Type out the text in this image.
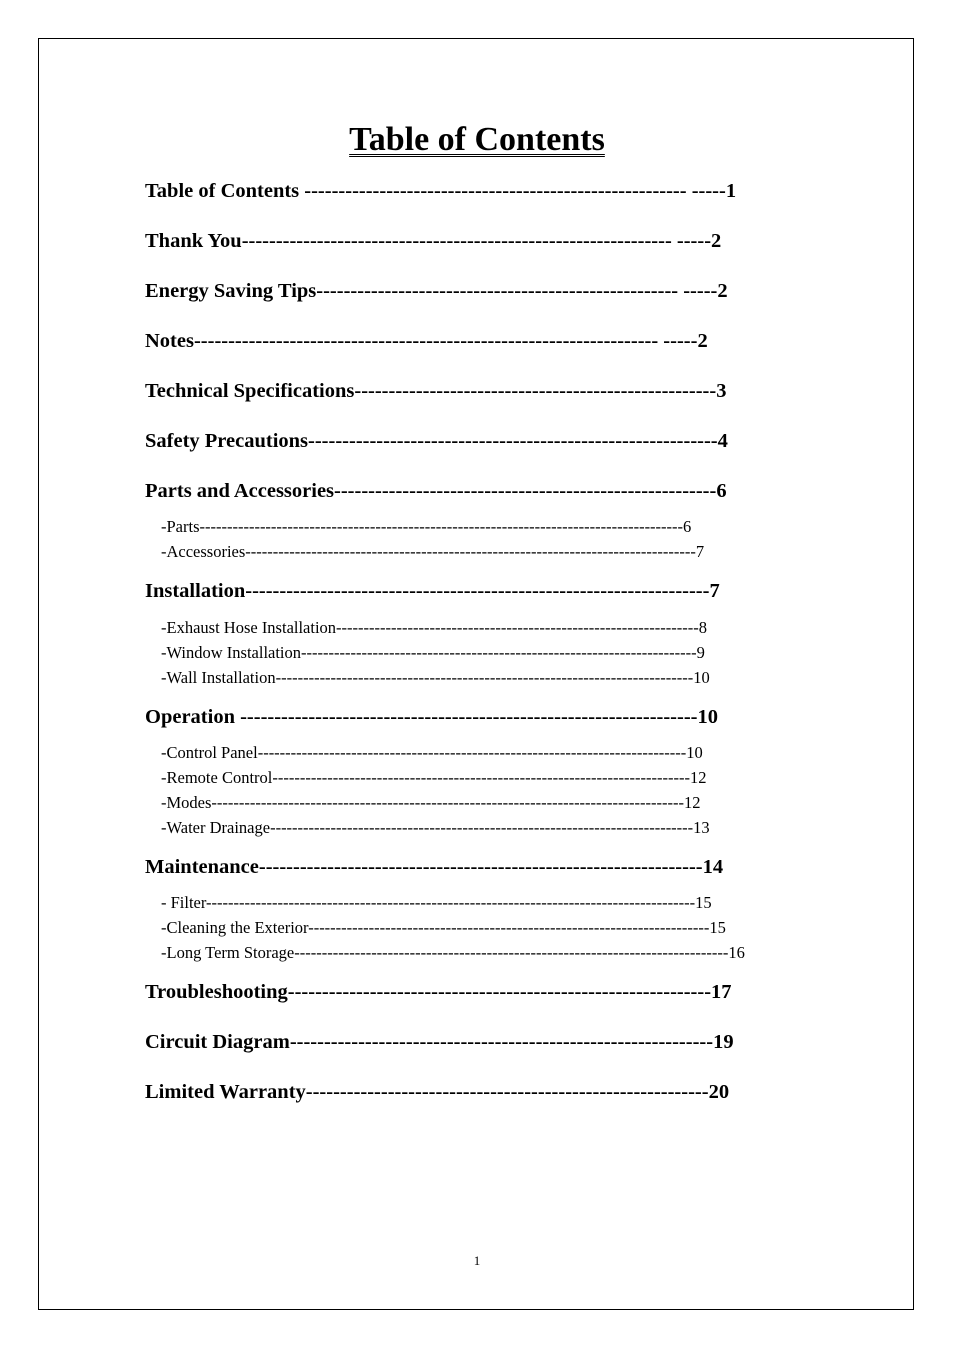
Table of Contents
Table of Contents -------------------------------------------------------- -----1
Thank You--------------------------------------------------------------- -----2
Energy Saving Tips----------------------------------------------------- -----2
Notes-------------------------------------------------------------------- -----2
Technical Specifications-----------------------------------------------------3
Safety Precautions------------------------------------------------------------4
Parts and Accessories--------------------------------------------------------6
-Parts----------------------------------------------------------------------------------------6
-Accessories----------------------------------------------------------------------------------7
Installation--------------------------------------------------------------------7
-Exhaust Hose Installation------------------------------------------------------------------8
-Window Installation------------------------------------------------------------------------9
-Wall Installation----------------------------------------------------------------------------10
Operation -------------------------------------------------------------------10
-Control Panel------------------------------------------------------------------------------10
-Remote Control----------------------------------------------------------------------------12
-Modes--------------------------------------------------------------------------------------12
-Water Drainage-----------------------------------------------------------------------------13
Maintenance-----------------------------------------------------------------14
- Filter-----------------------------------------------------------------------------------------15
-Cleaning the Exterior-------------------------------------------------------------------------15
-Long Term Storage-------------------------------------------------------------------------------16
Troubleshooting--------------------------------------------------------------17
Circuit Diagram--------------------------------------------------------------19
Limited Warranty-----------------------------------------------------------20
1
